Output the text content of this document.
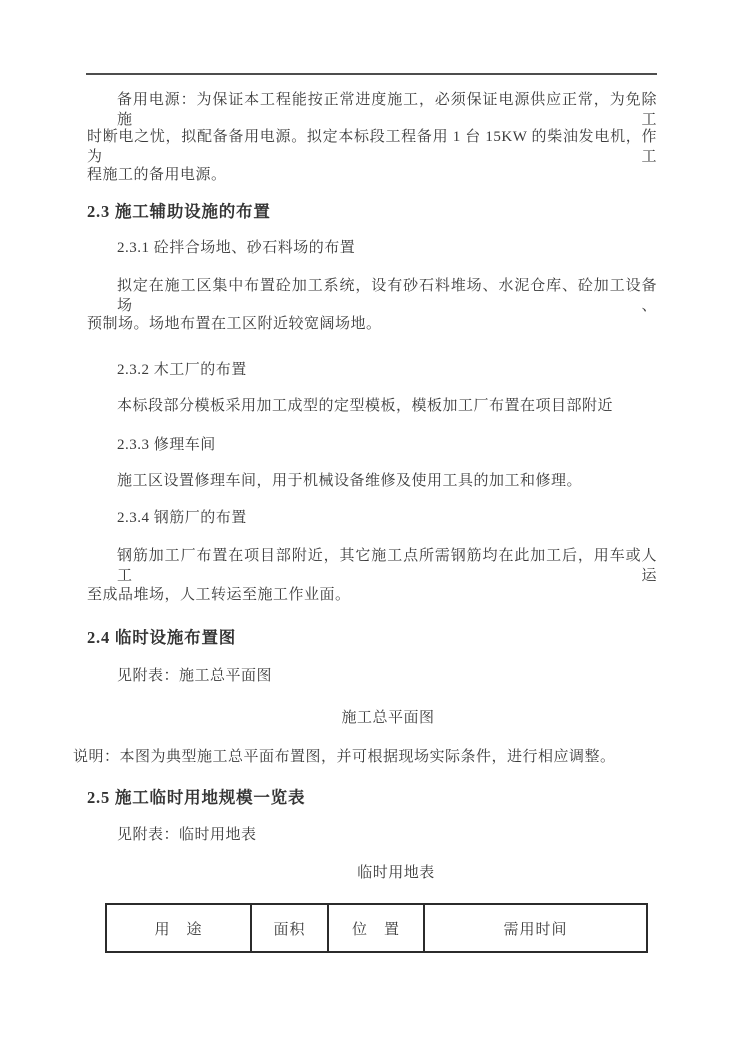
备用电源：为保证本工程能按正常进度施工，必须保证电源供应正常，为免除施工
时断电之忧，拟配备备用电源。拟定本标段工程备用 1 台 15KW 的柴油发电机，作为工
程施工的备用电源。
2.3 施工辅助设施的布置
2.3.1 砼拌合场地、砂石料场的布置
拟定在施工区集中布置砼加工系统，设有砂石料堆场、水泥仓库、砼加工设备场、
预制场。场地布置在工区附近较宽阔场地。
2.3.2 木工厂的布置
本标段部分模板采用加工成型的定型模板，模板加工厂布置在项目部附近
2.3.3 修理车间
施工区设置修理车间，用于机械设备维修及使用工具的加工和修理。
2.3.4 钢筋厂的布置
钢筋加工厂布置在项目部附近，其它施工点所需钢筋均在此加工后，用车或人工运
至成品堆场，人工转运至施工作业面。
2.4 临时设施布置图
见附表：施工总平面图
施工总平面图
说明：本图为典型施工总平面布置图，并可根据现场实际条件，进行相应调整。
2.5 施工临时用地规模一览表
见附表：临时用地表
临时用地表
用　途	面积	位　置	需用时间
